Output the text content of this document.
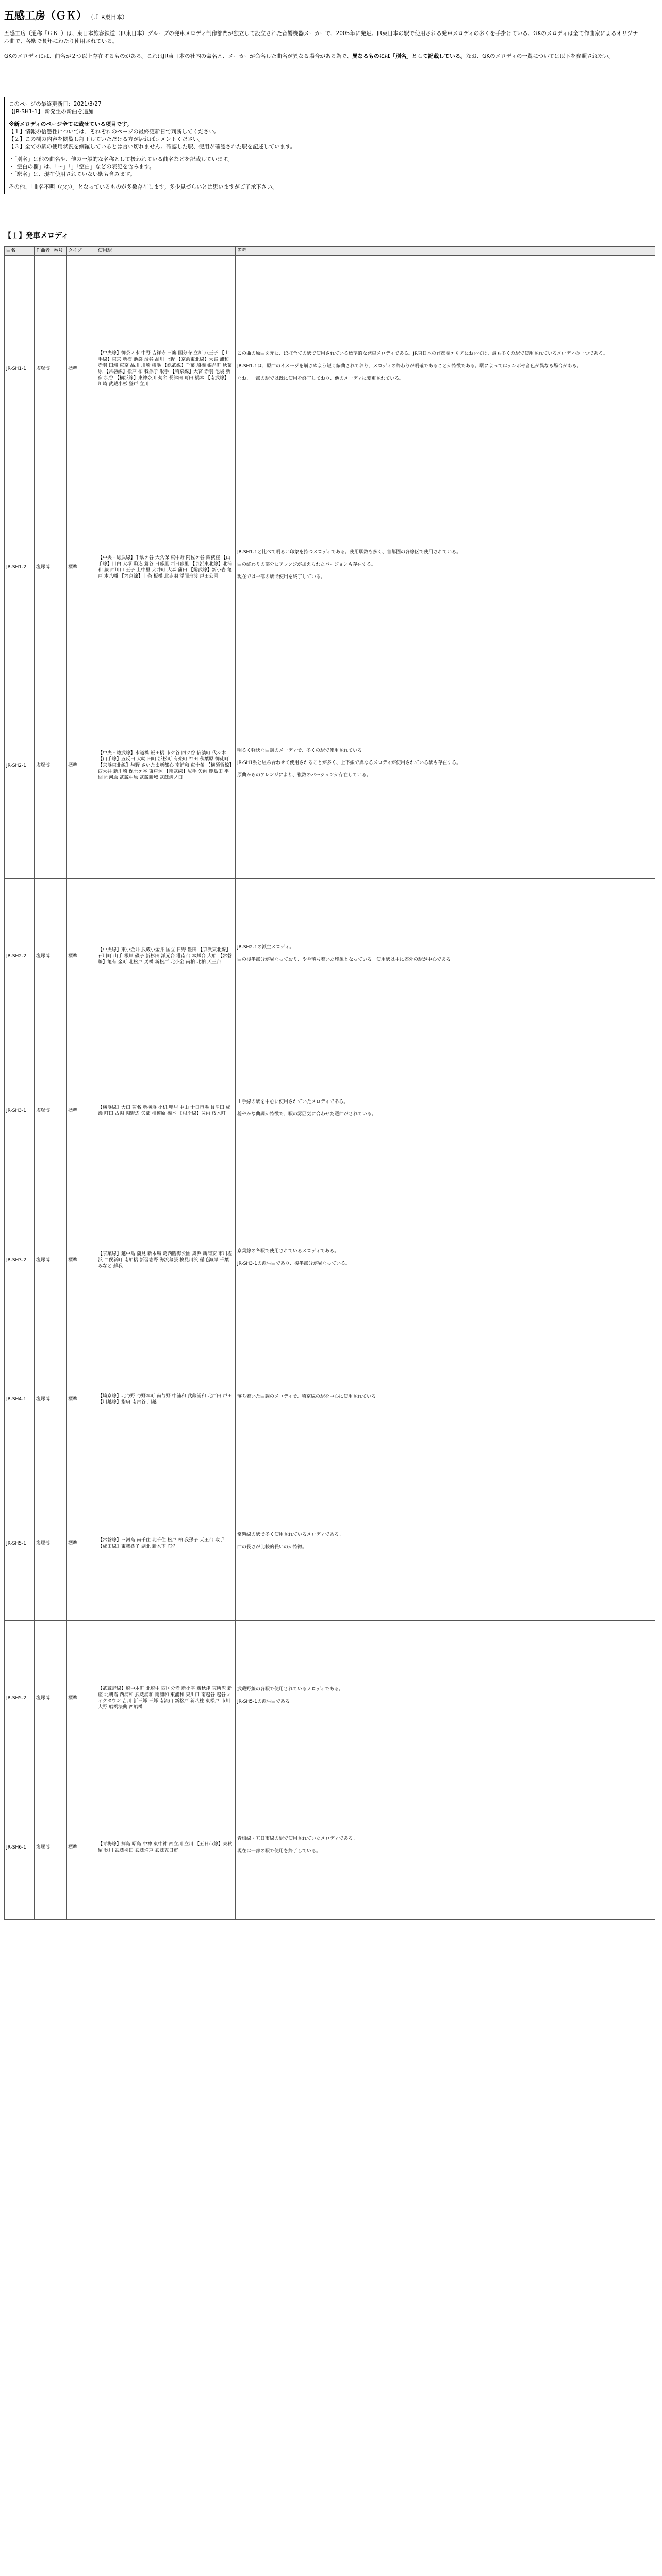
五感工房（ＧＫ） （Ｊ R東日本）

五感工房（通称「ＧＫ」）は、東日本旅客鉄道（JR東日本）グループの発車メロディ制作部門が独立して設立された音響機器メーカーで、2005年に発足。JR東日本の駅で使用される発車メロディの多くを手掛けている。GKのメロディは全て作曲家によるオリジナル曲で、各駅で長年にわたり使用されている。

GKのメロディには、曲名が２つ以上存在するものがある。これはJR東日本の社内の命名と、メーカーが命名した曲名が異なる場合がある為で、異なるものには「別名」として記載している。なお、GKのメロディの一覧については以下を参照されたい。

このページの最終更新日：2021/3/27
【JR-SH1-1】 新発生の新曲を追加
※新メロディのページ全てに載せている項目です。
【１】情報の信憑性については、それぞれのページの最終更新日で判断してください。
【２】この欄の内容を閲覧し訂正していただける方が居ればコメントください。
【３】全ての駅の使用状況を網羅しているとは言い切れません。確認した駅、使用が確認された駅を記述しています。
・「別名」は他の曲名や、他の一般的な名称として扱われている曲名などを記載しています。
・「空白の欄」は、「〜」「」「空白」などの表記を含みます。
・「駅名」は、現在使用されていない駅も含みます。
その他、「曲名不明（○○）」となっているものが多数存在します。多少見づらいとは思いますがご了承下さい。
【１】発車メロディ
曲名	作曲者	番号	タイプ	使用駅	備考
JR-SH1-1	塩塚博		標準	【中央線】御茶ノ水 中野 吉祥寺 三鷹 国分寺 立川 八王子 【山手線】東京 新宿 池袋 渋谷 品川 上野 【京浜東北線】大宮 浦和 赤羽 田端 東京 品川 川崎 横浜 【総武線】千葉 船橋 錦糸町 秋葉原 【常磐線】松戸 柏 我孫子 取手 【埼京線】大宮 赤羽 池袋 新宿 渋谷 【横浜線】東神奈川 菊名 長津田 町田 橋本 【南武線】川崎 武蔵小杉 登戸 立川	この曲の原曲を元に、ほぼ全ての駅で使用されている標準的な発車メロディである。JR東日本の首都圏エリアにおいては、最も多くの駅で使用されているメロディの一つである。

JR-SH1-1は、原曲のイメージを崩さぬよう短く編曲されており、メロディの終わりが明確であることが特徴である。駅によってはテンポや音色が異なる場合がある。

なお、一部の駅では既に使用を終了しており、他のメロディに変更されている。

JR-SH1-2	塩塚博		標準	【中央・総武線】千駄ケ谷 大久保 東中野 阿佐ケ谷 西荻窪 【山手線】目白 大塚 駒込 鶯谷 日暮里 西日暮里 【京浜東北線】北浦和 蕨 西川口 王子 上中里 大井町 大森 蒲田 【総武線】新小岩 亀戸 本八幡 【埼京線】十条 板橋 北赤羽 浮間舟渡 戸田公園	JR-SH1-1と比べて明るい印象を持つメロディである。使用駅数も多く、首都圏の各線区で使用されている。

曲の終わりの部分にアレンジが加えられたバージョンも存在する。

現在では一部の駅で使用を終了している。

JR-SH2-1	塩塚博		標準	【中央・総武線】水道橋 飯田橋 市ケ谷 四ツ谷 信濃町 代々木 【山手線】五反田 大崎 田町 浜松町 有楽町 神田 秋葉原 御徒町 【京浜東北線】与野 さいたま新都心 南浦和 東十条 【横須賀線】西大井 新川崎 保土ケ谷 東戸塚 【南武線】尻手 矢向 鹿島田 平間 向河原 武蔵中原 武蔵新城 武蔵溝ノ口	明るく軽快な曲調のメロディで、多くの駅で使用されている。

JR-SH1系と組み合わせて使用されることが多く、上下線で異なるメロディが使用されている駅も存在する。

原曲からのアレンジにより、複数のバージョンが存在している。

JR-SH2-2	塩塚博		標準	【中央線】東小金井 武蔵小金井 国立 日野 豊田 【京浜東北線】石川町 山手 根岸 磯子 新杉田 洋光台 港南台 本郷台 大船 【常磐線】亀有 金町 北松戸 馬橋 新松戸 北小金 南柏 北柏 天王台	JR-SH2-1の派生メロディ。

曲の後半部分が異なっており、やや落ち着いた印象となっている。使用駅は主に郊外の駅が中心である。

JR-SH3-1	塩塚博		標準	【横浜線】大口 菊名 新横浜 小机 鴨居 中山 十日市場 長津田 成瀬 町田 古淵 淵野辺 矢部 相模原 橋本 【根岸線】関内 桜木町	山手線の駅を中心に使用されていたメロディである。

穏やかな曲調が特徴で、駅の雰囲気に合わせた選曲がされている。

JR-SH3-2	塩塚博		標準	【京葉線】越中島 潮見 新木場 葛西臨海公園 舞浜 新浦安 市川塩浜 二俣新町 南船橋 新習志野 海浜幕張 検見川浜 稲毛海岸 千葉みなと 蘇我	京葉線の各駅で使用されているメロディである。

JR-SH3-1の派生曲であり、後半部分が異なっている。

JR-SH4-1	塩塚博		標準	【埼京線】北与野 与野本町 南与野 中浦和 武蔵浦和 北戸田 戸田 【川越線】指扇 南古谷 川越	落ち着いた曲調のメロディで、埼京線の駅を中心に使用されている。

JR-SH5-1	塩塚博		標準	【常磐線】三河島 南千住 北千住 松戸 柏 我孫子 天王台 取手 【成田線】東我孫子 湖北 新木下 布佐	常磐線の駅で多く使用されているメロディである。

曲の長さが比較的長いのが特徴。

JR-SH5-2	塩塚博		標準	【武蔵野線】府中本町 北府中 西国分寺 新小平 新秋津 東所沢 新座 北朝霞 西浦和 武蔵浦和 南浦和 東浦和 東川口 南越谷 越谷レイクタウン 吉川 新三郷 三郷 南流山 新松戸 新八柱 東松戸 市川大野 船橋法典 西船橋	武蔵野線の各駅で使用されているメロディである。

JR-SH5-1の派生曲である。

JR-SH6-1	塩塚博		標準	【青梅線】拝島 昭島 中神 東中神 西立川 立川 【五日市線】東秋留 秋川 武蔵引田 武蔵増戸 武蔵五日市	青梅線・五日市線の駅で使用されていたメロディである。

現在は一部の駅で使用を終了している。
